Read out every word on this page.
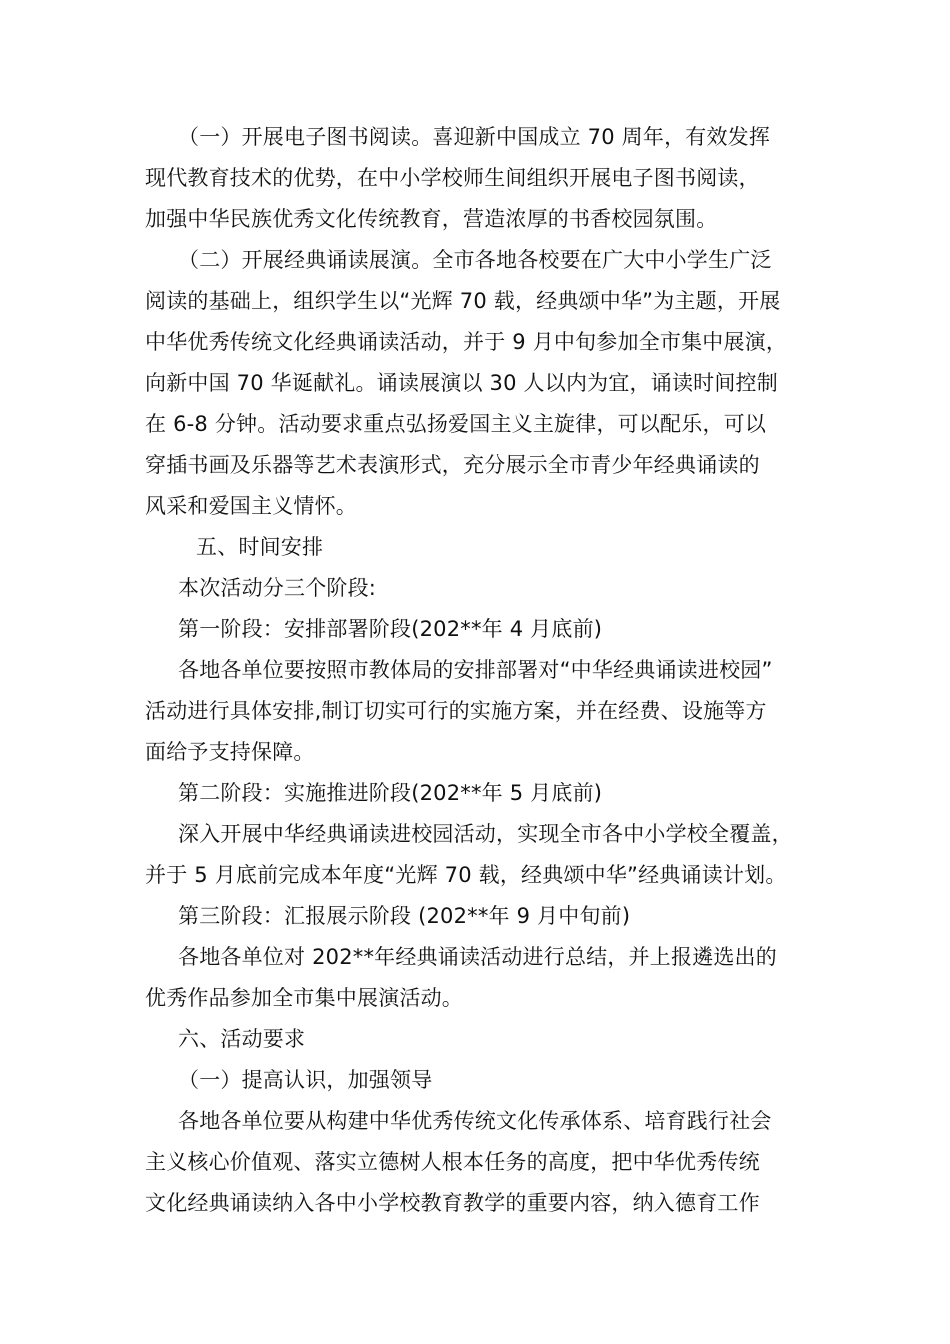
（一）开展电子图书阅读。喜迎新中国成立 70 周年，有效发挥
现代教育技术的优势，在中小学校师生间组织开展电子图书阅读，
加强中华民族优秀文化传统教育，营造浓厚的书香校园氛围。
（二）开展经典诵读展演。全市各地各校要在广大中小学生广泛
阅读的基础上，组织学生以“光辉 70 载，经典颂中华”为主题，开展
中华优秀传统文化经典诵读活动，并于 9 月中旬参加全市集中展演，
向新中国 70 华诞献礼。诵读展演以 30 人以内为宜，诵读时间控制
在 6-8 分钟。活动要求重点弘扬爱国主义主旋律，可以配乐，可以
穿插书画及乐器等艺术表演形式，充分展示全市青少年经典诵读的
风采和爱国主义情怀。
五、时间安排
本次活动分三个阶段:
第一阶段：安排部署阶段(202**年 4 月底前)
各地各单位要按照市教体局的安排部署对“中华经典诵读进校园”
活动进行具体安排,制订切实可行的实施方案，并在经费、设施等方
面给予支持保障。
第二阶段：实施推进阶段(202**年 5 月底前)
深入开展中华经典诵读进校园活动，实现全市各中小学校全覆盖，
并于 5 月底前完成本年度“光辉 70 载，经典颂中华”经典诵读计划。
第三阶段：汇报展示阶段 (202**年 9 月中旬前)
各地各单位对 202**年经典诵读活动进行总结，并上报遴选出的
优秀作品参加全市集中展演活动。
六、活动要求
（一）提高认识，加强领导
各地各单位要从构建中华优秀传统文化传承体系、培育践行社会
主义核心价值观、落实立德树人根本任务的高度，把中华优秀传统
文化经典诵读纳入各中小学校教育教学的重要内容，纳入德育工作
